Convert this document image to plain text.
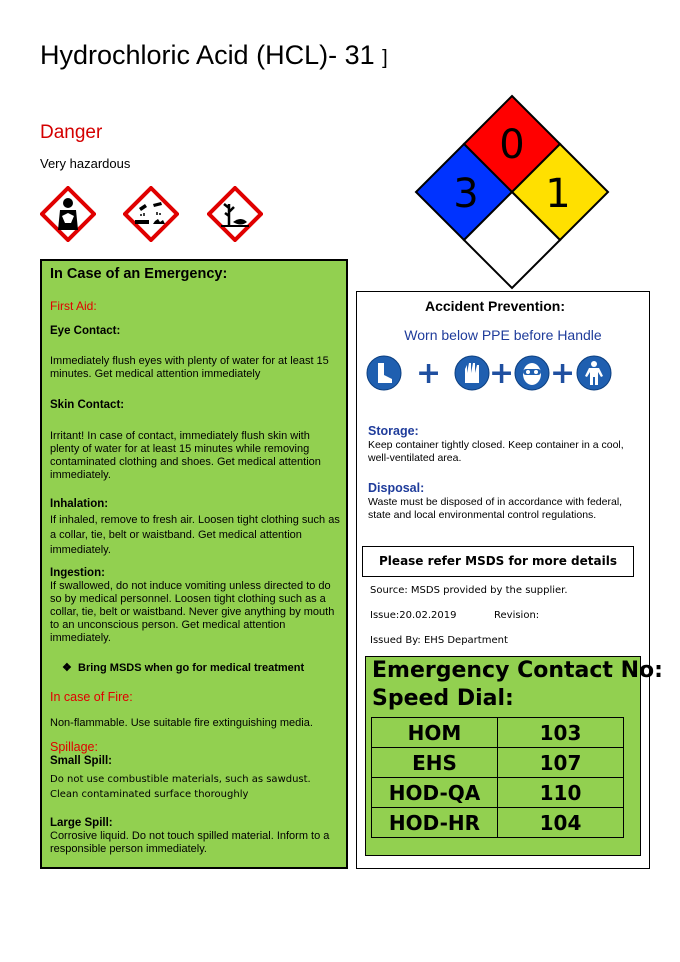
Hydrochloric Acid (HCL)- 31 ]
Danger
Very hazardous	0
3 1
In Case of an Emergency:
First Aid:
Eye Contact:
Immediately flush eyes with plenty of water for at least 15 minutes. Get medical attention immediately
Skin Contact:
Irritant! In case of contact, immediately flush skin with plenty of water for at least 15 minutes while removing contaminated clothing and shoes. Get medical attention immediately.
Inhalation:
If inhaled, remove to fresh air. Loosen tight clothing such as a collar, tie, belt or waistband. Get medical attention immediately.
Ingestion:
If swallowed, do not induce vomiting unless directed to do so by medical personnel. Loosen tight clothing such as a collar, tie, belt or waistband. Never give anything by mouth to an unconscious person. Get medical attention immediately.
❖ Bring MSDS when go for medical treatment
In case of Fire:
Non-flammable. Use suitable fire extinguishing media.
Spillage:
Small Spill:
Do not use combustible materials, such as sawdust. Clean contaminated surface thoroughly
Large Spill:
Corrosive liquid. Do not touch spilled material. Inform to a responsible person immediately.
Accident Prevention:
Worn below PPE before Handle
+ + +
Storage:
Keep container tightly closed. Keep container in a cool, well-ventilated area.
Disposal:
Waste must be disposed of in accordance with federal, state and local environmental control regulations.
Please refer MSDS for more details
Source: MSDS provided by the supplier.
Issue:20.02.2019	Revision:
Issued By: EHS Department
Emergency Contact No:
Speed Dial:
HOM	103
EHS	107
HOD-QA	110
HOD-HR	104
